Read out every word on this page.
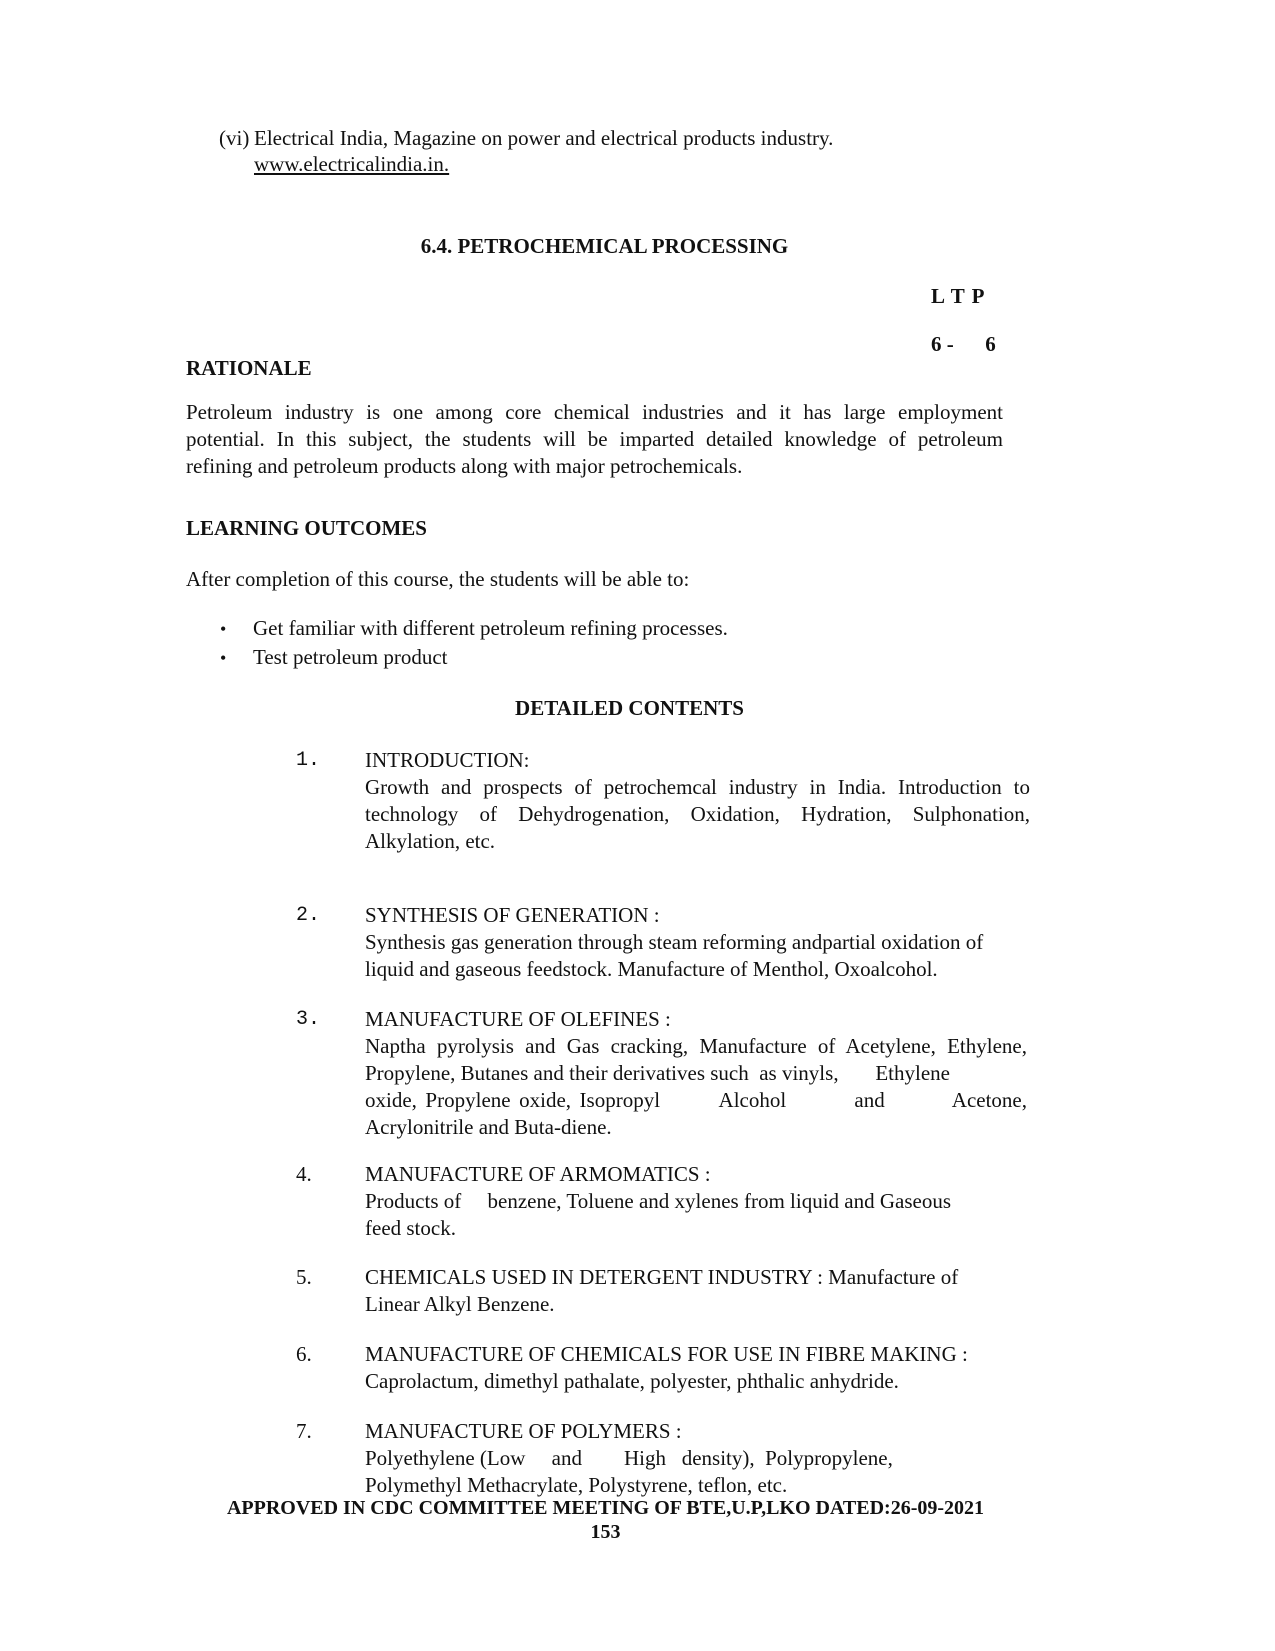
(vi) Electrical India, Magazine on power and electrical products industry.
www.electricalindia.in.
6.4. PETROCHEMICAL PROCESSING
L T P
6 -      6
RATIONALE
Petroleum industry is one among core chemical industries and it has large employment
potential. In this subject, the students will be imparted detailed knowledge of petroleum
refining and petroleum products along with major petrochemicals.
LEARNING OUTCOMES
After completion of this course, the students will be able to:
• Get familiar with different petroleum refining processes.
• Test petroleum product
DETAILED CONTENTS
1. INTRODUCTION:
Growth and prospects of petrochemcal industry in India. Introduction to
technology of Dehydrogenation, Oxidation, Hydration, Sulphonation,
Alkylation, etc.
2. SYNTHESIS OF GENERATION :
Synthesis gas generation through steam reforming andpartial oxidation of
liquid and gaseous feedstock. Manufacture of Menthol, Oxoalcohol.
3. MANUFACTURE OF OLEFINES :
Naptha pyrolysis and Gas cracking, Manufacture of Acetylene, Ethylene,
Propylene, Butanes and their derivatives such  as vinyls,       Ethylene
oxide, Propylene oxide, Isopropyl       Alcohol        and        Acetone,
Acrylonitrile and Buta-diene.
4.	MANUFACTURE OF ARMOMATICS :
Products of     benzene, Toluene and xylenes from liquid and Gaseous
feed stock.
5.	CHEMICALS USED IN DETERGENT INDUSTRY : Manufacture of
Linear Alkyl Benzene.
6.	MANUFACTURE OF CHEMICALS FOR USE IN FIBRE MAKING :
Caprolactum, dimethyl pathalate, polyester, phthalic anhydride.
7.	MANUFACTURE OF POLYMERS :
Polyethylene (Low     and        High   density),  Polypropylene,
Polymethyl Methacrylate, Polystyrene, teflon, etc.
APPROVED IN CDC COMMITTEE MEETING OF BTE,U.P,LKO DATED:26-09-2021
153
